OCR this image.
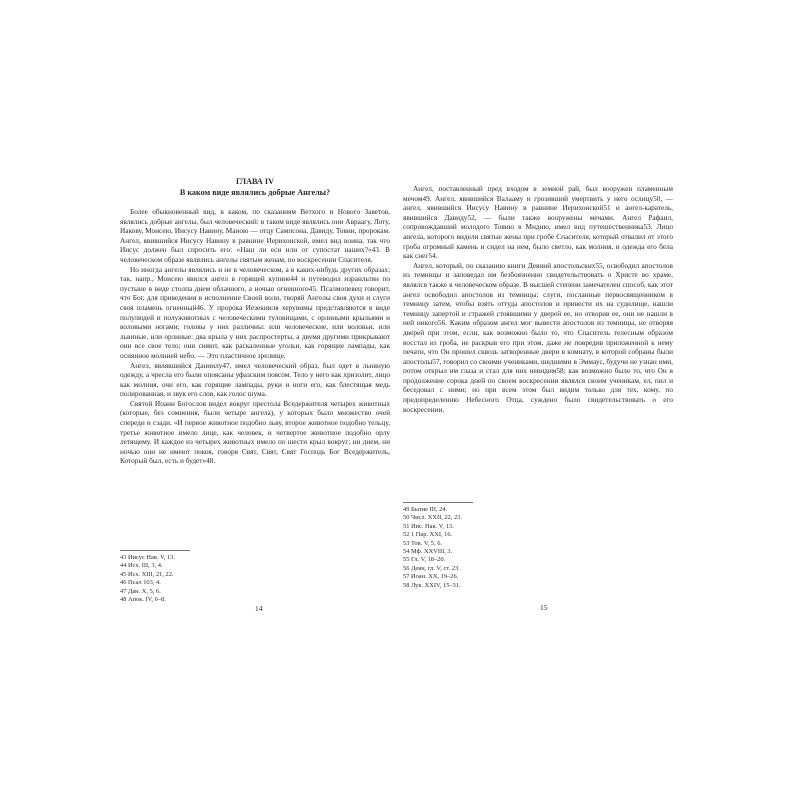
ГЛАВА IV

В каком виде являлись добрые Ангелы?

Более обыкновенный вид, в каком, по сказаниям Ветхого и Нового Заветов, являлись добрые ангелы, был человеческий: в таком виде являлись они Авраагу, Лоту, Иакову, Моисею, Иисусу Навину, Маною — отцу Сампсона, Давиду, Товии, пророкам. Ангел, явившийся Иисусу Навину в равнине Иерихонской, имел вид воина, так что Иисус должен был спросить его: «Наш ли еси или от супостат наших?»43. В человеческом образе являлись ангелы святым женам, по воскресении Спасителя.

Но иногда ангелы являлись и не в человеческом, а в каких-нибудь других образах; так, напр., Моисею явился ангел в горящей купине44 и путеводил израильтян по пустыне в виде столпа днем облачного, а ночью огненного45. Псалмопевец говорит, что Бог, для приведения в исполнение Своей воли, творяй Ангелы своя духи и слуги своя пламень огненный46. У пророка Иезекииля херувимы представляются в виде полулюдей и полуживотных с человеческими туловищами, с орлиными крыльями и воловыми ногами; головы у них различны: или человеческие, или воловьи, или львиные, или орлиные: два крыла у них распростерты, а двумя другими прикрывают они все свое тело; они сияют, как раскаленные угольи, как горящие лампады, как осиянное молнией небо. — Это пластичное зрелище.

Ангел, являвшийся Даниилу47, имел человеческий образ, был одет в льняную одежду, а чресла его были опоясаны уфазским поясом. Тело у него как хризолит, лицо как молния, очи его, как горящие лампады, руки и ноги его, как блестящая медь полированная, и звук его слов, как голос шума.

Святой Иоанн Богослов видел вокруг престола Вседержителя четырех животных (которые, без сомнения, были четыре ангела), у которых было множество очей спереди и сзади. «И первое животное подобно льву, второе животное подобно тельцу, третье животное имело лице, как человек, и четвертое животное подобно орлу летящему. И каждое из четырех животных имело по шести крыл вокруг; ни днем, ни ночью они не имеют покоя, говоря Свят, Свят, Свят Господь Бог Вседержитель, Который был, есть и будет»48.

43 Иисус Нав. V, 13.

44 Исх. III, 3, 4.

45 Исх. XIII, 21, 22.

46 Псал 103, 4.

47 Дан. X, 5, 6.

48 Апок. IV, 6–8.

14

Ангел, поставленный пред входом в земной рай, был вооружен пламенным мечом49. Ангел, явившийся Валааму и грозивший умертвить у него ослицу50, — ангел, явившийся Иисусу Навину в равнине Иерихонской51 и ангел-каратель, явившийся Давиду52, — были также вооружены мечами. Ангел Рафаил, сопровождавший молодого Товию в Мидию, имел вид путешественника53. Лицо ангела, которого видели святые жены при гробе Спасителя, который отвалил от этого гроба огромный камень и сидел на нем, было светло, как молния, и одежда его бела как снег54.

Ангел, который, по сказанию книги Деяний апостольских55, освободил апостолов из темницы и заповедал им безбоязненно свидетельствовать о Христе во храме, являлся также в человеческом образе. В высшей степени замечателен способ, как этот ангел освободил апостолов из темницы: слуги, посланные первосвященником в темницу затем, чтобы взять оттуда апостолов и привести их на судилище, нашли темницу запертой и стражей стоявшими у дверей ее, но отворив ее, они не нашли в ней никого56. Каким образом ангел мог вывести апостолов из темницы, не отворяя дверей при этом, если, как возможно было то, что Спаситель телесным образом восстал из гроба, не раскрыв его при этом, даже не повредив приложенной к нему печати, что Он прошел сквозь затворенные двери в комнату, в которой собраны были апостолы57, говорил со своими учениками, шедшими в Эммаус, будучи не узнан ими, потом открыл им глаза и стал для них невидим58; как возможно было то, что Он в продолжение сорока дней по своем воскресении являлся своим ученикам, ел, пил и беседовал с ними; но при всем этом был видим только для тех, кому, по предопределению Небесного Отца, суждено было свидетельствовать о его воскресении.

49 Бытие III, 24.

50 Числ. XXII, 22, 23.

51 Иис. Нав. V, 13.

52 1 Пар. XXI, 16.

53 Тов. V, 5, 6.

54 Мф. XXVIII, 3.

55 Гл. V, 18–20.

56 Деян, гл. V, ст. 23.

57 Иоан. XX, 19–26.

58 Лук. XXIV, 15–31.

15
